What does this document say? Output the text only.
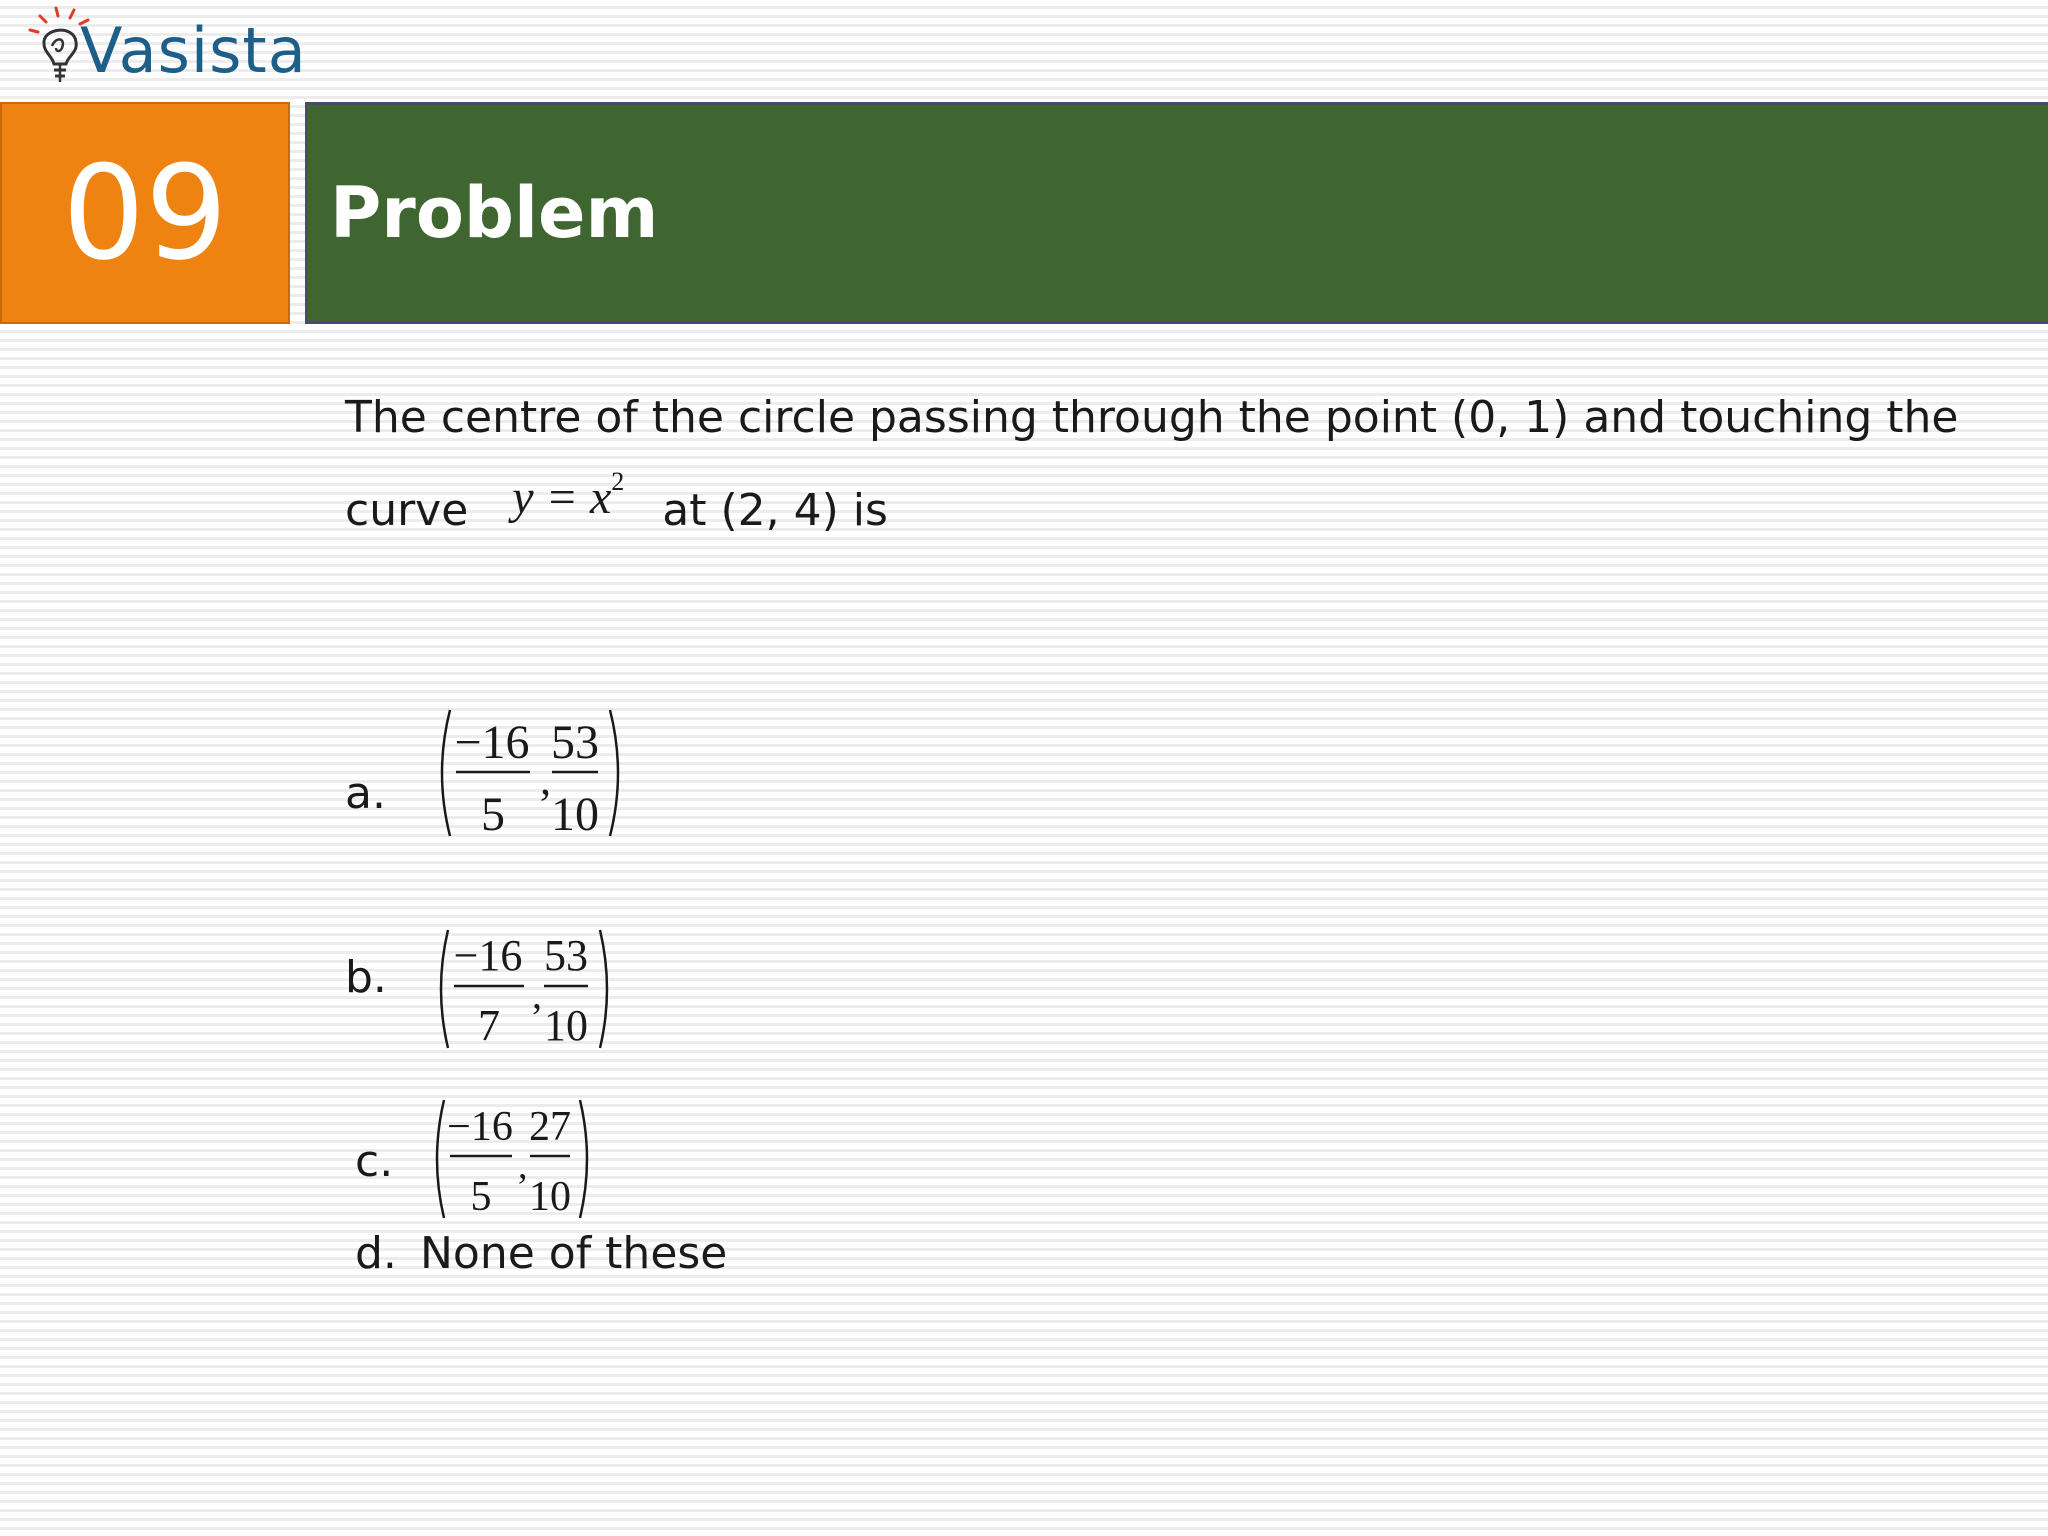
Vasista
09 Problem
The centre of the circle passing through the point (0, 1) and touching the
curve $y = x^2at$ (2, 4) is
a.
−16
5
,
53
10
b. −16
7
,
53
10
c.
−16
5
,
27
10
d. None of these
